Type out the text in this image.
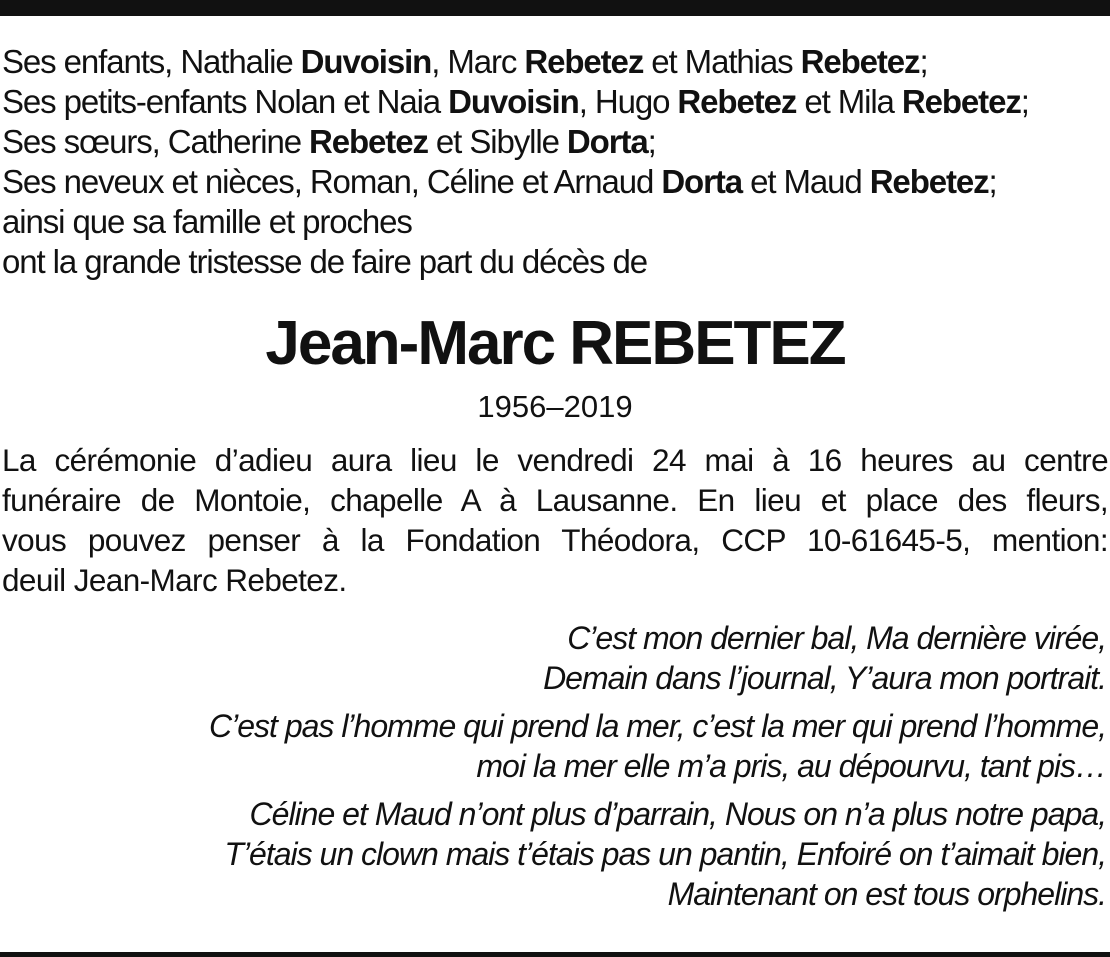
Ses enfants, Nathalie Duvoisin, Marc Rebetez et Mathias Rebetez;
Ses petits-enfants Nolan et Naia Duvoisin, Hugo Rebetez et Mila Rebetez;
Ses sœurs, Catherine Rebetez et Sibylle Dorta;
Ses neveux et nièces, Roman, Céline et Arnaud Dorta et Maud Rebetez;
ainsi que sa famille et proches
ont la grande tristesse de faire part du décès de
Jean-Marc REBETEZ
1956–2019
La cérémonie d’adieu aura lieu le vendredi 24 mai à 16 heures au centre
funéraire de Montoie, chapelle A à Lausanne. En lieu et place des fleurs,
vous pouvez penser à la Fondation Théodora, CCP 10-61645-5, mention:
deuil Jean-Marc Rebetez.
C’est mon dernier bal, Ma dernière virée,
Demain dans l’journal, Y’aura mon portrait.
C’est pas l’homme qui prend la mer, c’est la mer qui prend l’homme,
moi la mer elle m’a pris, au dépourvu, tant pis…
Céline et Maud n’ont plus d’parrain, Nous on n’a plus notre papa,
T’étais un clown mais t’étais pas un pantin, Enfoiré on t’aimait bien,
Maintenant on est tous orphelins.
